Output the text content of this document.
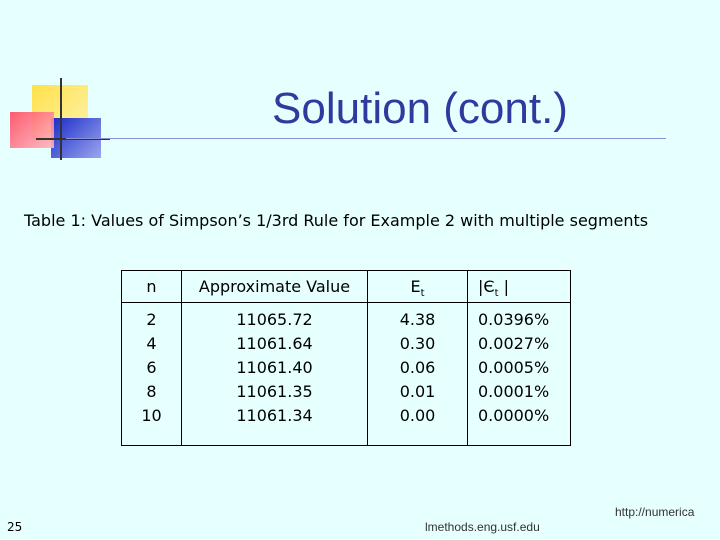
Solution (cont.)
Table 1: Values of Simpson’s 1/3rd Rule for Example 2 with multiple segments
n
2
4
6
8
10
Approximate Value
11065.72
11061.64
11061.40
11061.35
11061.34
$E_t$
4.38
0.30
0.06
0.01
0.00
$|Є_t$ |
0.0396%
0.0027%
0.0005%
0.0001%
0.0000%
25
http://numerica
lmethods.eng.usf.edu
